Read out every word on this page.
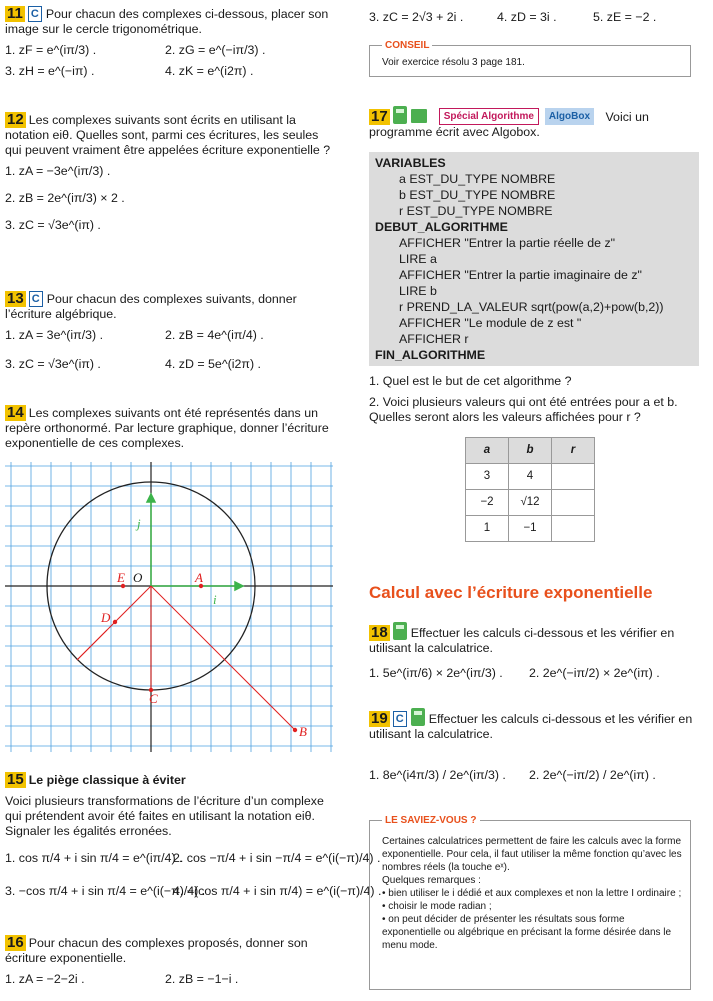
11 C Pour chacun des complexes ci-dessous, placer son image sur le cercle trigonométrique.
1. zF = e^(iπ/3) .	2. zG = e^(−iπ/3) .
3. zH = e^(−iπ) .	4. zK = e^(i2π) .
12 Les complexes suivants sont écrits en utilisant la notation eiθ. Quelles sont, parmi ces écritures, les seules qui peuvent vraiment être appelées écriture exponentielle ?
1. zA = −3e^(iπ/3) .
2. zB = 2e^(iπ/3) × 2 .
3. zC = √3e^(iπ) .
13 C Pour chacun des complexes suivants, donner l’écriture algébrique.
1. zA = 3e^(iπ/3) .	2. zB = 4e^(iπ/4) .
3. zC = √3e^(iπ) .	4. zD = 5e^(i2π) .
14 Les complexes suivants ont été représentés dans un repère orthonormé. Par lecture graphique, donner l’écriture exponentielle de ces complexes.
E	A
D
C
B
O
i
j
15 Le piège classique à éviter
Voici plusieurs transformations de l’écriture d’un complexe qui prétendent avoir été faites en utilisant la notation eiθ. Signaler les égalités erronées.
1. cos π/4 + i sin π/4 = e^(iπ/4) .
2. cos −π/4 + i sin −π/4 = e^(i(−π)/4) .
3. −cos π/4 + i sin π/4 = e^(i(−π)/4) .
4. −(cos π/4 + i sin π/4) = e^(i(−π)/4) .
16 Pour chacun des complexes proposés, donner son écriture exponentielle.
1. zA = −2−2i .	2. zB = −1−i .
3. zC = 2√3 + 2i .	4. zD = 3i .	5. zE = −2 .
CONSEIL
Voir exercice résolu 3 page 181.
17	Spécial Algorithme AlgoBox Voici un
programme écrit avec Algobox.
VARIABLES
a EST_DU_TYPE NOMBRE
b EST_DU_TYPE NOMBRE
r EST_DU_TYPE NOMBRE
DEBUT_ALGORITHME
AFFICHER "Entrer la partie réelle de z"
LIRE a
AFFICHER "Entrer la partie imaginaire de z"
LIRE b
r PREND_LA_VALEUR sqrt(pow(a,2)+pow(b,2))
AFFICHER "Le module de z est "
AFFICHER r
FIN_ALGORITHME
1. Quel est le but de cet algorithme ?
2. Voici plusieurs valeurs qui ont été entrées pour a et b. Quelles seront alors les valeurs affichées pour r ?
a	b	r
3	4	
−2	√12	
1	−1	
Calcul avec l’écriture exponentielle
18 Effectuer les calculs ci-dessous et les vérifier en utilisant la calculatrice.
1. 5e^(iπ/6) × 2e^(iπ/3) .	2. 2e^(−iπ/2) × 2e^(iπ) .
19 C Effectuer les calculs ci-dessous et les vérifier en utilisant la calculatrice.
1. 8e^(i4π/3) / 2e^(iπ/3) .	2. 2e^(−iπ/2) / 2e^(iπ) .
LE SAVIEZ-VOUS ?
Certaines calculatrices permettent de faire les calculs avec la forme exponentielle. Pour cela, il faut utiliser la même fonction qu’avec les nombres réels (la touche eˣ).
Quelques remarques :
• bien utiliser le i dédié et aux complexes et non la lettre I ordinaire ;
• choisir le mode radian ;
• on peut décider de présenter les résultats sous forme exponentielle ou algébrique en précisant la forme désirée dans le menu mode.
